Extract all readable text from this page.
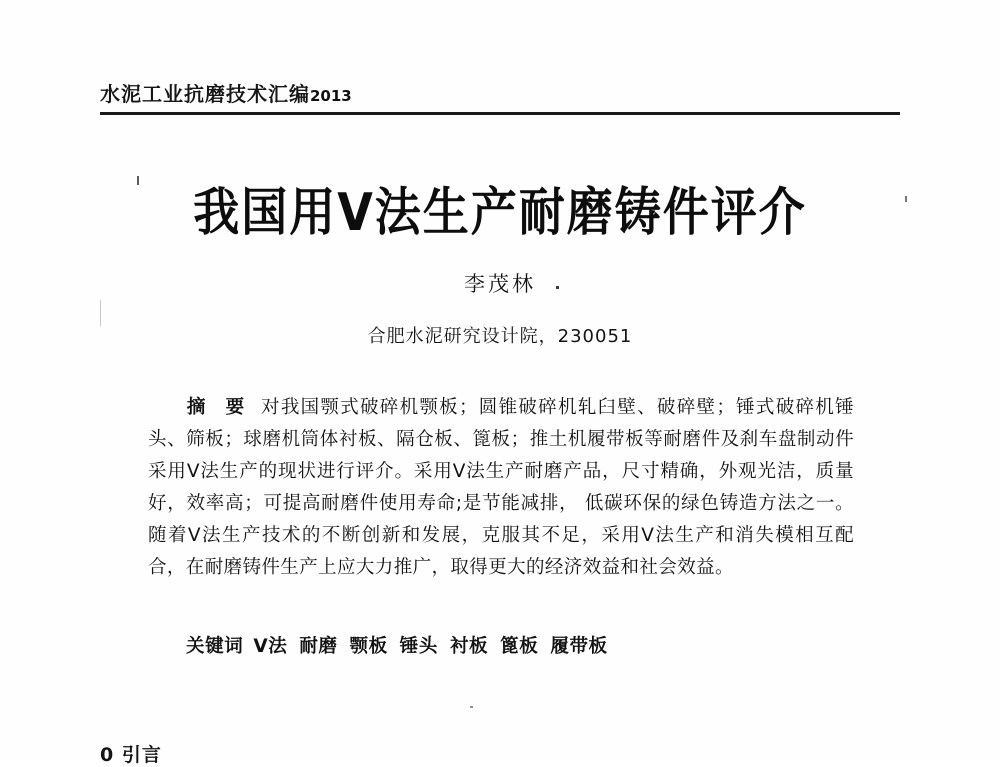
水泥工业抗磨技术汇编2013
我国用V法生产耐磨铸件评介
李茂林
合肥水泥研究设计院，230051
摘 要 对我国颚式破碎机颚板；圆锥破碎机轧臼壁、破碎壁；锤式破碎机锤头、筛板；球磨机筒体衬板、隔仓板、篦板；推土机履带板等耐磨件及刹车盘制动件采用V法生产的现状进行评介。采用V法生产耐磨产品，尺寸精确，外观光洁，质量好，效率高；可提高耐磨件使用寿命;是节能减排， 低碳环保的绿色铸造方法之一。随着V法生产技术的不断创新和发展，克服其不足，采用V法生产和消失模相互配合，在耐磨铸件生产上应大力推广，取得更大的经济效益和社会效益。
关键词 V法 耐磨 颚板 锤头 衬板 篦板 履带板
0 引言
